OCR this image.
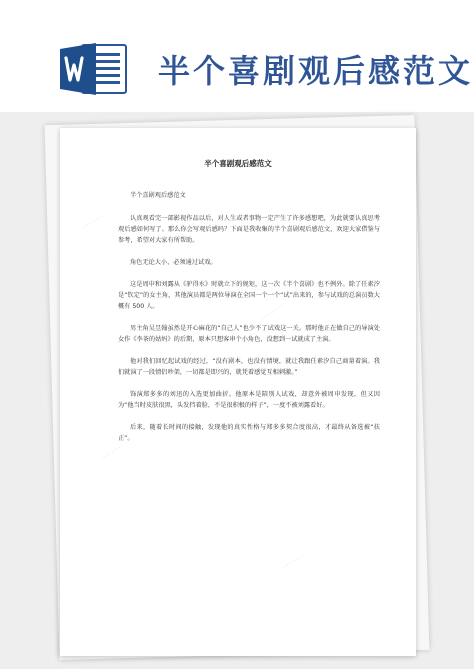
半个喜剧观后感范文
·········
·········
·········
·········
半个喜剧观后感范文

半个喜剧观后感范文

认真观看完一部影视作品以后，对人生或者事物一定产生了许多感想吧，为此就要认真思考观后感如何写了。那么你会写观后感吗？下面是我收集的半个喜剧观后感范文，欢迎大家借鉴与参考，希望对大家有所帮助。

角色无论大小，必须通过试戏。

这是周申和刘露从《驴得水》时就立下的规矩，这一次《半个喜剧》也不例外。除了任素汐是“钦定”的女主角，其他演员都是两位导演在全国一个一个“试”出来的，参与试戏的总演员数大概有 500 人。

男主角吴昱翰虽然是开心麻花的“自己人”也少不了试戏这一关。那时他正在做自己的导演处女作《李茶的姑妈》的后期，原本只想客串个小角色，没想到一试就成了主演。

他对我们回忆起试戏的经过，“没有剧本，也没有情境，就让我跟任素汐自己商量着演。我们就演了一段情侣吵架，一切都是即兴的，就凭着感觉互相刺激。”

饰演郑多多的刘迅的入选更加曲折。他原本是陪别人试戏，却意外被周申发现，但又因为“他当时皮肤很黑，头发挡着脸，不是很积极的样子”，一度不被刘露看好。

后来，随着长时间的接触，发现他的真实性格与郑多多契合度很高，才最终从备选被“扶正”。
